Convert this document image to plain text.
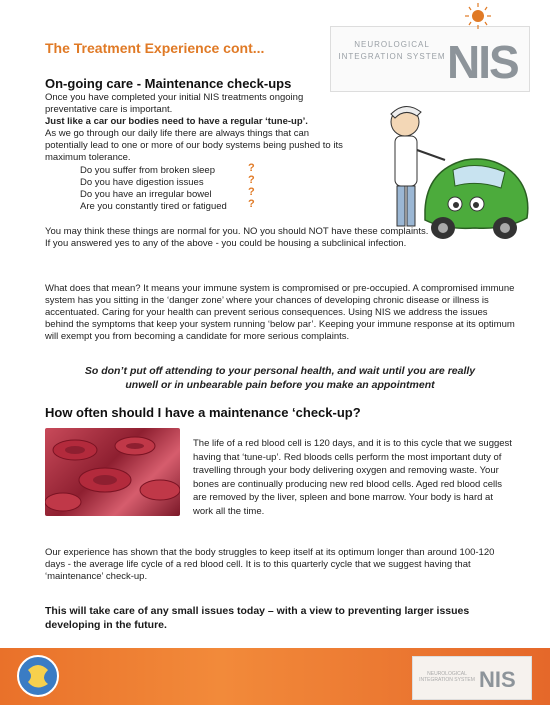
The Treatment Experience cont...	NEUROLOGICAL INTEGRATION SYSTEM NIS
On-going care - Maintenance check-ups
Once you have completed your initial NIS treatments ongoing preventative care is important.
Just like a car our bodies need to have a regular ‘tune-up’.
As we go through our daily life there are always things that can potentially lead to one or more of our body systems being pushed to its maximum tolerance.
Do you suffer from broken sleep
Do you have digestion issues
Do you have an irregular bowel
Are you constantly tired or fatigued
?
?
?
?
You may think these things are normal for you. NO you should NOT have these complaints.
If you answered yes to any of the above - you could be housing a subclinical infection.
What does that mean? It means your immune system is compromised or pre-occupied. A compromised immune system has you sitting in the ‘danger zone’ where your chances of developing chronic disease or illness is accentuated. Caring for your health can prevent serious consequences. Using NIS we address the issues behind the symptoms that keep your system running ‘below par’. Keeping your immune response at its optimum will exempt you from becoming a candidate for more serious complaints.
So don’t put off attending to your personal health, and wait until you are really unwell or in unbearable pain before you make an appointment
How often should I have a maintenance ‘check-up?
The life of a red blood cell is 120 days, and it is to this cycle that we suggest having that ‘tune-up’. Red bloods cells perform the most important duty of travelling through your body delivering oxygen and removing waste. Your bones are continually producing new red blood cells. Aged red blood cells are removed by the liver, spleen and bone marrow. Your body is hard at work all the time.
Our experience has shown that the body struggles to keep itself at its optimum longer than around 100-120 days - the average life cycle of a red blood cell. It is to this quarterly cycle that we suggest having that ‘maintenance’ check-up.
This will take care of any small issues today – with a view to preventing larger issues developing in the future.
NEUROLOGICAL INTEGRATION SYSTEM NIS
